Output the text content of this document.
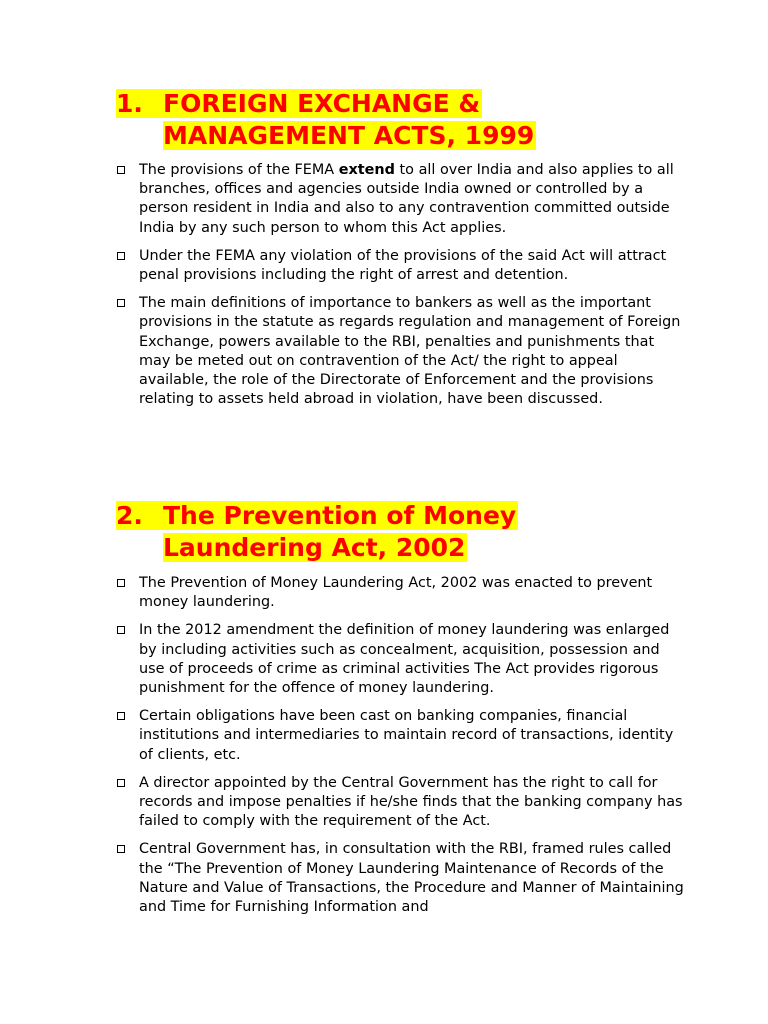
1. FOREIGN EXCHANGE &
MANAGEMENT ACTS, 1999
The provisions of the FEMA extend to all over India and also applies to all branches, offices and agencies outside India owned or controlled by a person resident in India and also to any contravention committed outside India by any such person to whom this Act applies.
Under the FEMA any violation of the provisions of the said Act will attract penal provisions including the right of arrest and detention.
The main definitions of importance to bankers as well as the important provisions in the statute as regards regulation and management of Foreign Exchange, powers available to the RBI, penalties and punishments that may be meted out on contravention of the Act/ the right to appeal available, the role of the Directorate of Enforcement and the provisions relating to assets held abroad in violation, have been discussed.
2. The Prevention of Money
Laundering Act, 2002
The Prevention of Money Laundering Act, 2002 was enacted to prevent money laundering.
In the 2012 amendment the definition of money laundering was enlarged by including activities such as concealment, acquisition, possession and use of proceeds of crime as criminal activities The Act provides rigorous punishment for the offence of money laundering.
Certain obligations have been cast on banking companies, financial institutions and intermediaries to maintain record of transactions, identity of clients, etc.
A director appointed by the Central Government has the right to call for records and impose penalties if he/she finds that the banking company has failed to comply with the requirement of the Act.
Central Government has, in consultation with the RBI, framed rules called the “The Prevention of Money Laundering Maintenance of Records of the Nature and Value of Transactions, the Procedure and Manner of Maintaining and Time for Furnishing Information and
